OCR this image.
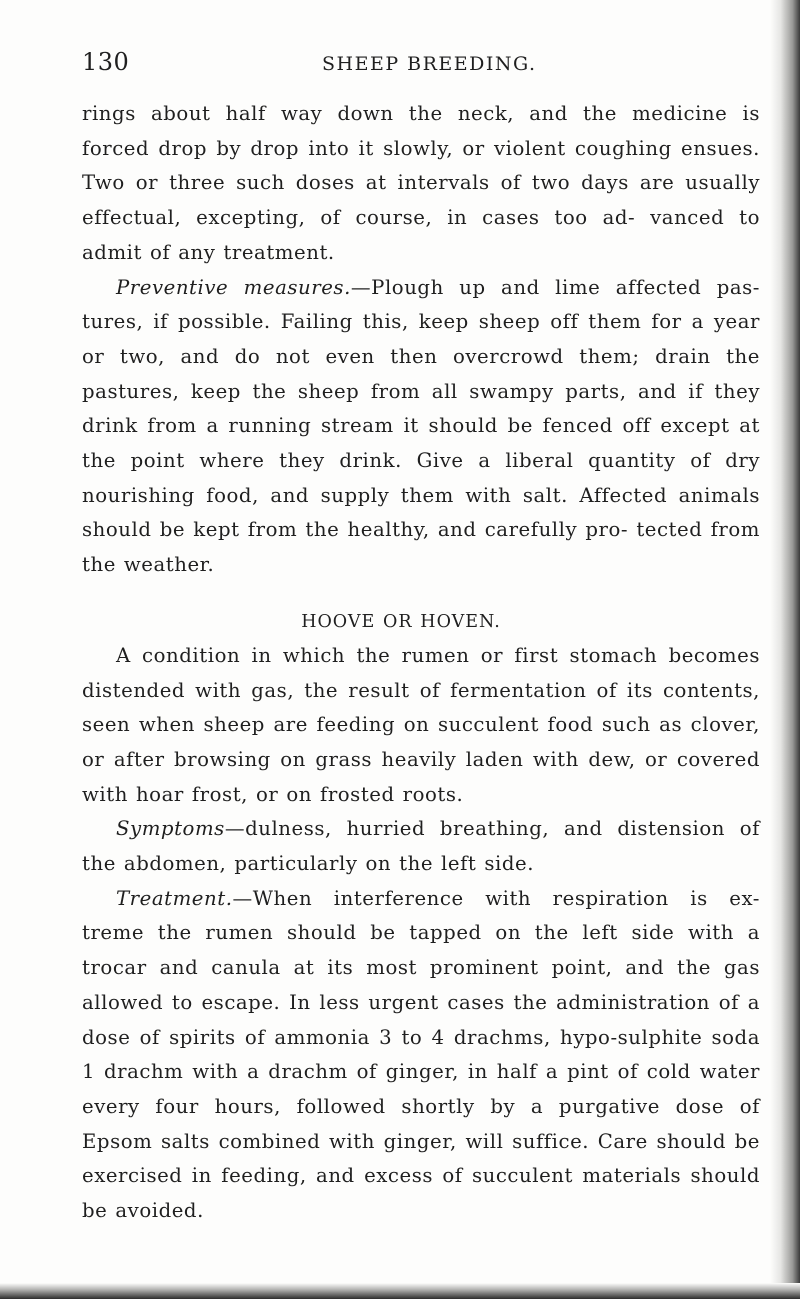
130	SHEEP BREEDING.

rings about half way down the neck, and the medicine is forced drop by drop into it slowly, or violent coughing ensues. Two or three such doses at intervals of two days are usually effectual, excepting, of course, in cases too ad- vanced to admit of any treatment.

Preventive measures.—Plough up and lime affected pas- tures, if possible. Failing this, keep sheep off them for a year or two, and do not even then overcrowd them; drain the pastures, keep the sheep from all swampy parts, and if they drink from a running stream it should be fenced off except at the point where they drink. Give a liberal quantity of dry nourishing food, and supply them with salt. Affected animals should be kept from the healthy, and carefully pro- tected from the weather.

HOOVE OR HOVEN.

A condition in which the rumen or first stomach becomes distended with gas, the result of fermentation of its contents, seen when sheep are feeding on succulent food such as clover, or after browsing on grass heavily laden with dew, or covered with hoar frost, or on frosted roots.

Symptoms—dulness, hurried breathing, and distension of the abdomen, particularly on the left side.

Treatment.—When interference with respiration is ex- treme the rumen should be tapped on the left side with a trocar and canula at its most prominent point, and the gas allowed to escape. In less urgent cases the administration of a dose of spirits of ammonia 3 to 4 drachms, hypo-sulphite soda 1 drachm with a drachm of ginger, in half a pint of cold water every four hours, followed shortly by a purgative dose of Epsom salts combined with ginger, will suffice. Care should be exercised in feeding, and excess of succulent materials should be avoided.
